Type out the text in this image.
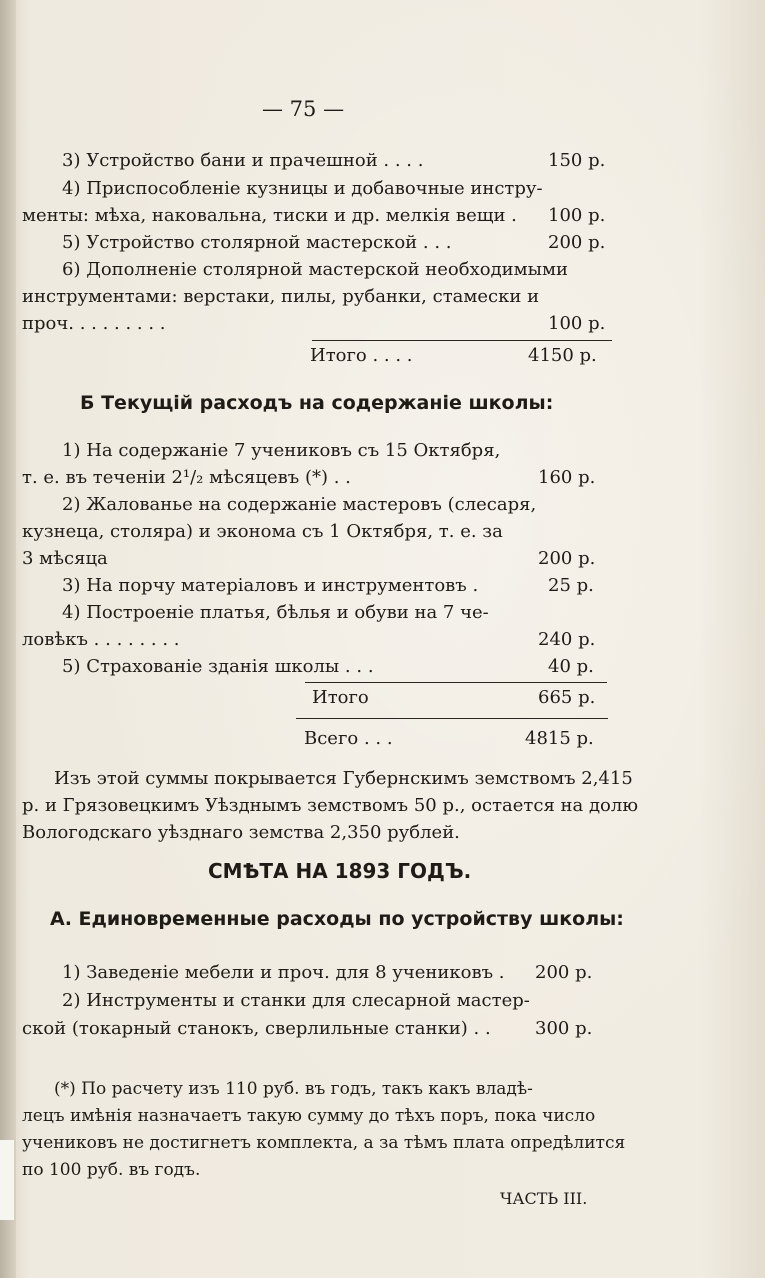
— 75 —
3) Устройство бани и прачешной . . . .	150 р.
4) Приспособленіе кузницы и добавочные инстру-
менты: мѣха, наковальна, тиски и др. мелкія вещи . 100 р.
5) Устройство столярной мастерской . . .	200 р.
6) Дополненіе столярной мастерской необходимыми
инструментами: верстаки, пилы, рубанки, стамески и
проч. . . . . . . . .	100 р.
Итого . . . .	4150 р.
Б Текущій расходъ на содержаніе школы:
1) На содержаніе 7 учениковъ съ 15 Октября,
т. е. въ теченіи 2¹/₂ мѣсяцевъ (*) . .	160 р.
2) Жалованье на содержаніе мастеровъ (слесаря,
кузнеца, столяра) и эконома съ 1 Октября, т. е. за
3 мѣсяца	200 р.
3) На порчу матеріаловъ и инструментовъ .	25 р.
4) Построеніе платья, бѣлья и обуви на 7 че-
ловѣкъ . . . . . . . .	240 р.
5) Страхованіе зданія школы . . .	40 р.
Итого	665 р.
Всего . . .	4815 р.
Изъ этой суммы покрывается Губернскимъ земствомъ 2,415
р. и Грязовецкимъ Уѣзднымъ земствомъ 50 р., остается на долю
Вологодскаго уѣзднаго земства 2,350 рублей.
СМѢТА НА 1893 ГОДЪ.
А. Единовременные расходы по устройству школы:
1) Заведеніе мебели и проч. для 8 учениковъ . 200 р.
2) Инструменты и станки для слесарной мастер-
ской (токарный станокъ, сверлильные станки) . . 300 р.
(*) По расчету изъ 110 руб. въ годъ, такъ какъ владѣ-
лецъ имѣнія назначаетъ такую сумму до тѣхъ поръ, пока число
учениковъ не достигнетъ комплекта, а за тѣмъ плата опредѣлится
по 100 руб. въ годъ.
ЧАСТЬ III.
